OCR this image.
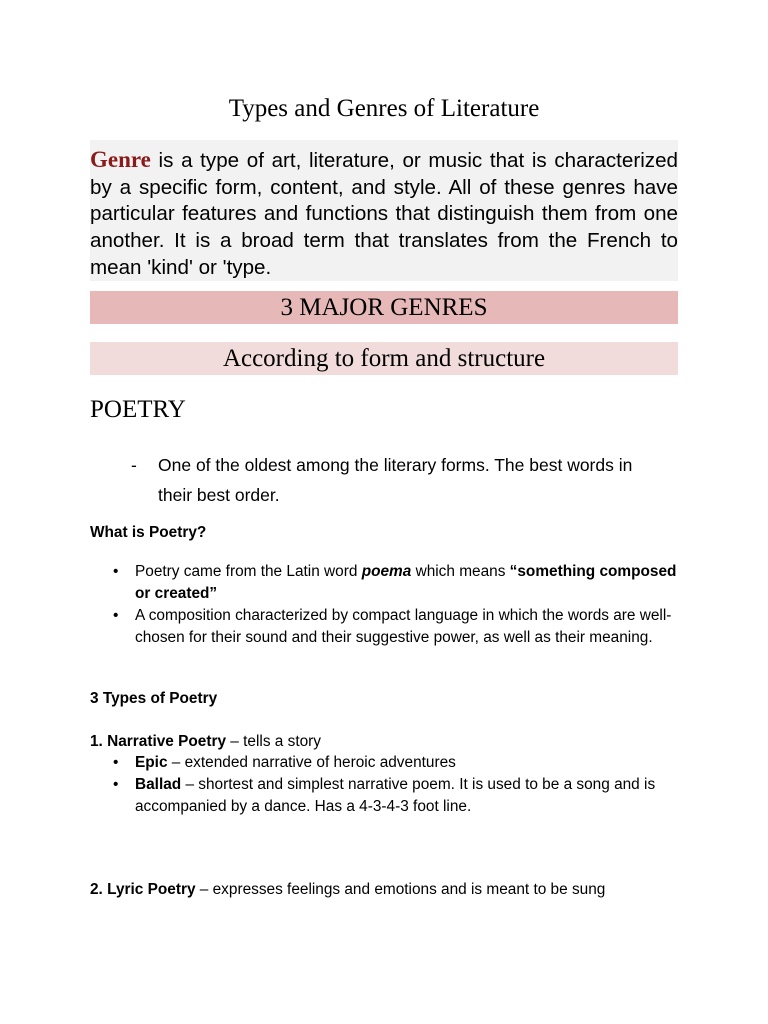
Types and Genres of Literature
Genre is a type of art, literature, or music that is characterized by a specific form, content, and style. All of these genres have particular features and functions that distinguish them from one another. It is a broad term that translates from the French to mean 'kind' or 'type.
3 MAJOR GENRES
According to form and structure
POETRY
-	One of the oldest among the literary forms. The best words in their best order.
What is Poetry?
• Poetry came from the Latin word poema which means “something composed or created”
• A composition characterized by compact language in which the words are well-chosen for their sound and their suggestive power, as well as their meaning.
3 Types of Poetry
1. Narrative Poetry – tells a story
• Epic – extended narrative of heroic adventures
• Ballad – shortest and simplest narrative poem. It is used to be a song and is accompanied by a dance. Has a 4-3-4-3 foot line.
2. Lyric Poetry – expresses feelings and emotions and is meant to be sung
